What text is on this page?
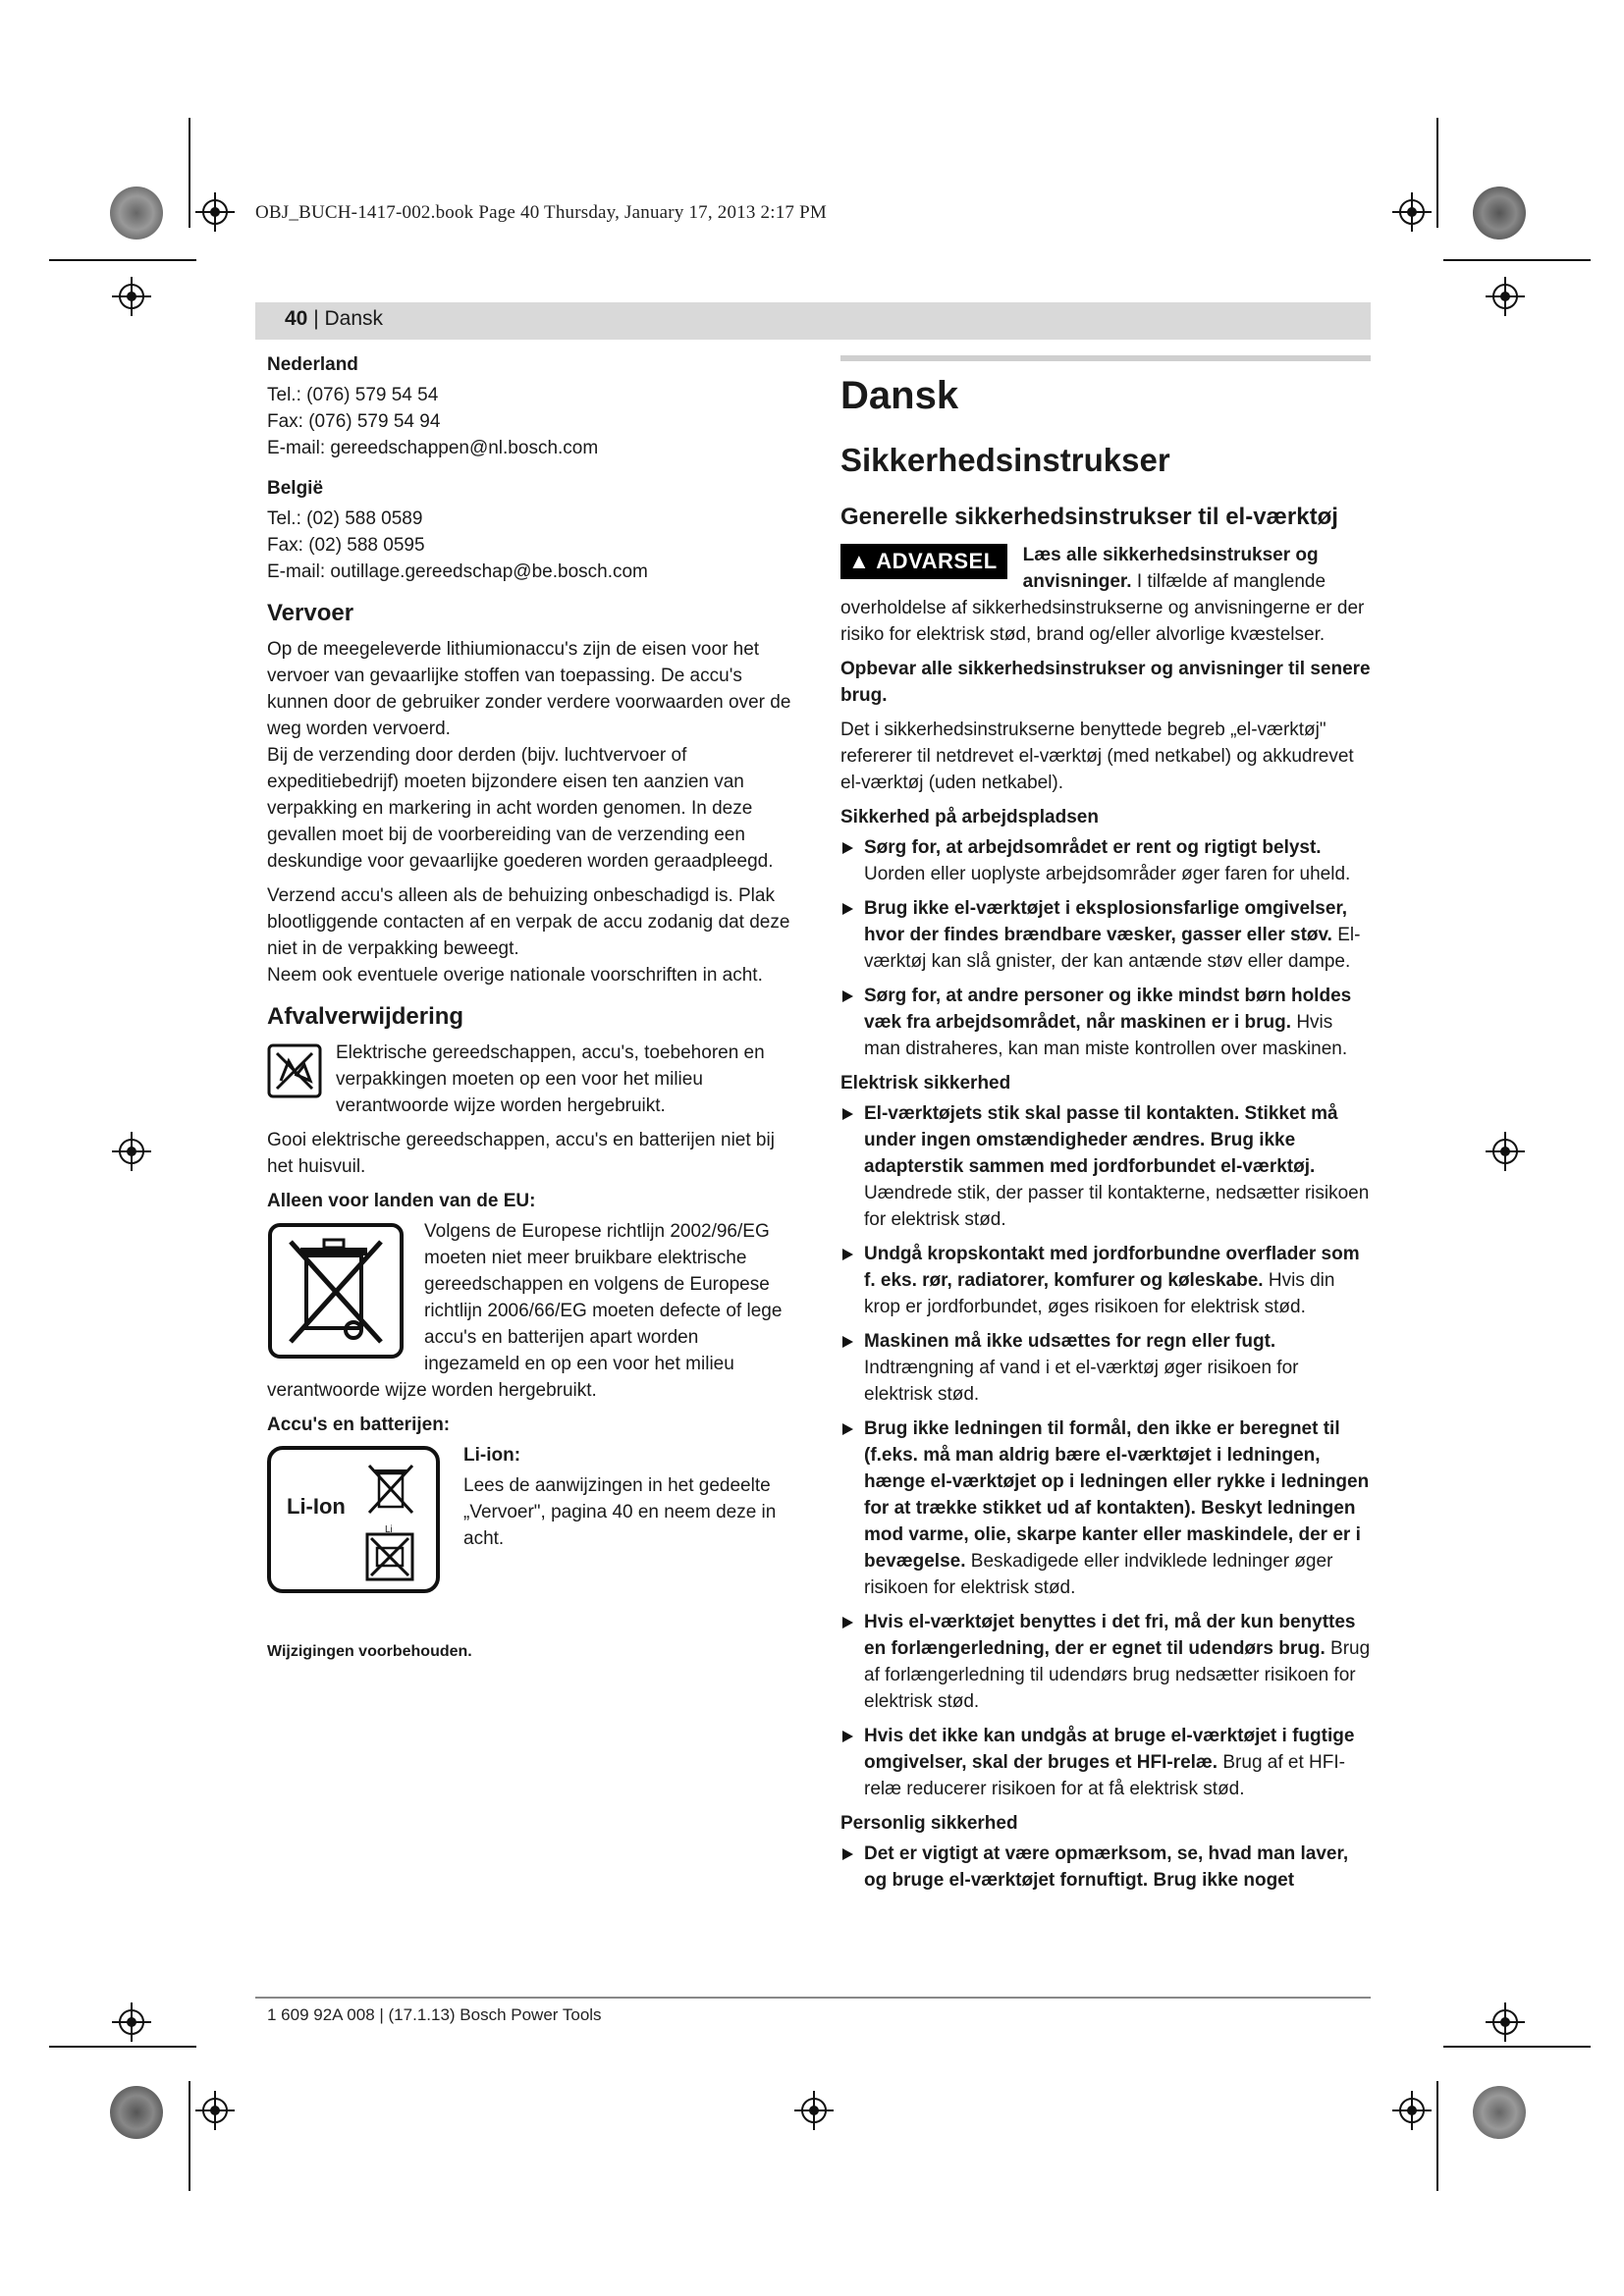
OBJ_BUCH-1417-002.book Page 40 Thursday, January 17, 2013 2:17 PM
40 | Dansk
Nederland
Tel.: (076) 579 54 54
Fax: (076) 579 54 94
E-mail: gereedschappen@nl.bosch.com
België
Tel.: (02) 588 0589
Fax: (02) 588 0595
E-mail: outillage.gereedschap@be.bosch.com
Vervoer

Op de meegeleverde lithiumionaccu's zijn de eisen voor het vervoer van gevaarlijke stoffen van toepassing. De accu's kunnen door de gebruiker zonder verdere voorwaarden over de weg worden vervoerd.

Bij de verzending door derden (bijv. luchtvervoer of expeditiebedrijf) moeten bijzondere eisen ten aanzien van verpakking en markering in acht worden genomen. In deze gevallen moet bij de voorbereiding van de verzending een deskundige voor gevaarlijke goederen worden geraadpleegd.

Verzend accu's alleen als de behuizing onbeschadigd is. Plak blootliggende contacten af en verpak de accu zodanig dat deze niet in de verpakking beweegt.

Neem ook eventuele overige nationale voorschriften in acht.

Afvalverwijdering
Elektrische gereedschappen, accu's, toebehoren en verpakkingen moeten op een voor het milieu verantwoorde wijze worden hergebruikt.

Gooi elektrische gereedschappen, accu's en batterijen niet bij het huisvuil.

Alleen voor landen van de EU:
Volgens de Europese richtlijn 2002/96/EG moeten niet meer bruikbare elektrische gereedschappen en volgens de Europese richtlijn 2006/66/EG moeten defecte of lege accu's en batterijen apart worden ingezameld en op een voor het milieu verantwoorde wijze worden hergebruikt.
Accu's en batterijen:
Li-Ion
Li
Li-ion:
Lees de aanwijzingen in het gedeelte „Vervoer", pagina 40 en neem deze in acht.
Wijzigingen voorbehouden.
Dansk
Sikkerhedsinstrukser
Generelle sikkerhedsinstrukser til el-værktøj

▲ ADVARSEL	Læs alle sikkerhedsinstrukser og anvisninger. I tilfælde af manglende overholdelse af sikkerhedsinstrukserne og anvisningerne er der risiko for elektrisk stød, brand og/eller alvorlige kvæstelser.

Opbevar alle sikkerhedsinstrukser og anvisninger til senere brug.

Det i sikkerhedsinstrukserne benyttede begreb „el-værktøj" refererer til netdrevet el-værktøj (med netkabel) og akkudrevet el-værktøj (uden netkabel).

Sikkerhed på arbejdspladsen

Sørg for, at arbejdsområdet er rent og rigtigt belyst. Uorden eller uoplyste arbejdsområder øger faren for uheld.

Brug ikke el-værktøjet i eksplosionsfarlige omgivelser, hvor der findes brændbare væsker, gasser eller støv. El-værktøj kan slå gnister, der kan antænde støv eller dampe.

Sørg for, at andre personer og ikke mindst børn holdes væk fra arbejdsområdet, når maskinen er i brug. Hvis man distraheres, kan man miste kontrollen over maskinen.

Elektrisk sikkerhed

El-værktøjets stik skal passe til kontakten. Stikket må under ingen omstændigheder ændres. Brug ikke adapterstik sammen med jordforbundet el-værktøj. Uændrede stik, der passer til kontakterne, nedsætter risikoen for elektrisk stød.

Undgå kropskontakt med jordforbundne overflader som f. eks. rør, radiatorer, komfurer og køleskabe. Hvis din krop er jordforbundet, øges risikoen for elektrisk stød.

Maskinen må ikke udsættes for regn eller fugt. Indtrængning af vand i et el-værktøj øger risikoen for elektrisk stød.

Brug ikke ledningen til formål, den ikke er beregnet til (f.eks. må man aldrig bære el-værktøjet i ledningen, hænge el-værktøjet op i ledningen eller rykke i ledningen for at trække stikket ud af kontakten). Beskyt ledningen mod varme, olie, skarpe kanter eller maskindele, der er i bevægelse. Beskadigede eller indviklede ledninger øger risikoen for elektrisk stød.

Hvis el-værktøjet benyttes i det fri, må der kun benyttes en forlængerledning, der er egnet til udendørs brug. Brug af forlængerledning til udendørs brug nedsætter risikoen for elektrisk stød.

Hvis det ikke kan undgås at bruge el-værktøjet i fugtige omgivelser, skal der bruges et HFI-relæ. Brug af et HFI-relæ reducerer risikoen for at få elektrisk stød.

Personlig sikkerhed

Det er vigtigt at være opmærksom, se, hvad man laver, og bruge el-værktøjet fornuftigt. Brug ikke noget

1 609 92A 008 | (17.1.13) Bosch Power Tools
